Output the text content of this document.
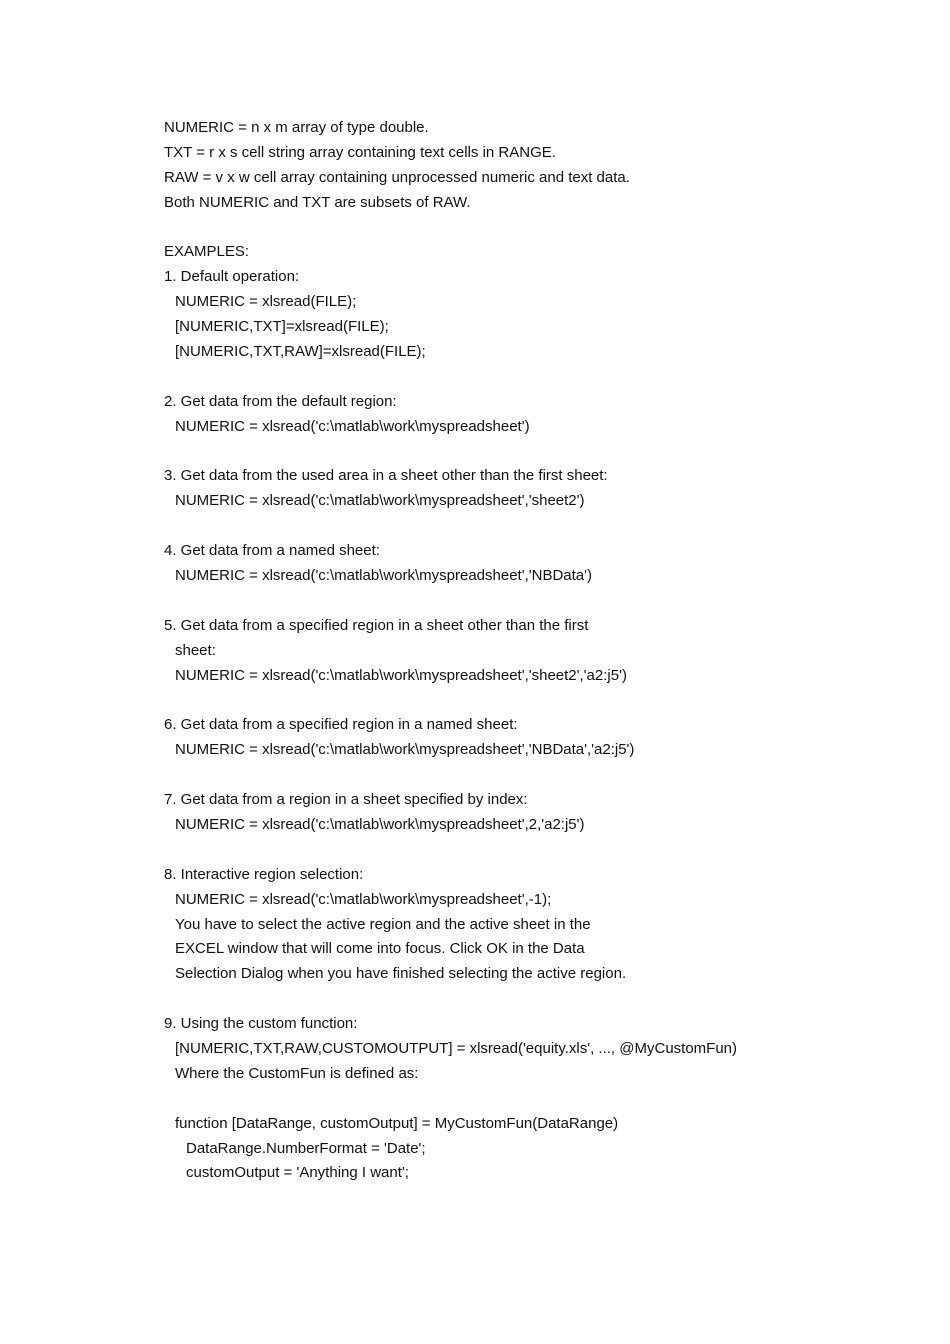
NUMERIC = n x m array of type double.
TXT = r x s cell string array containing text cells in RANGE.
RAW = v x w cell array containing unprocessed numeric and text data.
Both NUMERIC and TXT are subsets of RAW.
EXAMPLES:
1. Default operation:
NUMERIC = xlsread(FILE);
[NUMERIC,TXT]=xlsread(FILE);
[NUMERIC,TXT,RAW]=xlsread(FILE);
2. Get data from the default region:
NUMERIC = xlsread('c:\matlab\work\myspreadsheet')
3. Get data from the used area in a sheet other than the first sheet:
NUMERIC = xlsread('c:\matlab\work\myspreadsheet','sheet2')
4. Get data from a named sheet:
NUMERIC = xlsread('c:\matlab\work\myspreadsheet','NBData')
5. Get data from a specified region in a sheet other than the first
sheet:
NUMERIC = xlsread('c:\matlab\work\myspreadsheet','sheet2','a2:j5')
6. Get data from a specified region in a named sheet:
NUMERIC = xlsread('c:\matlab\work\myspreadsheet','NBData','a2:j5')
7. Get data from a region in a sheet specified by index:
NUMERIC = xlsread('c:\matlab\work\myspreadsheet',2,'a2:j5')
8. Interactive region selection:
NUMERIC = xlsread('c:\matlab\work\myspreadsheet',-1);
You have to select the active region and the active sheet in the
EXCEL window that will come into focus. Click OK in the Data
Selection Dialog when you have finished selecting the active region.
9. Using the custom function:
[NUMERIC,TXT,RAW,CUSTOMOUTPUT] = xlsread('equity.xls', ..., @MyCustomFun)
Where the CustomFun is defined as:
function [DataRange, customOutput] = MyCustomFun(DataRange)
DataRange.NumberFormat = 'Date';
customOutput = 'Anything I want';
